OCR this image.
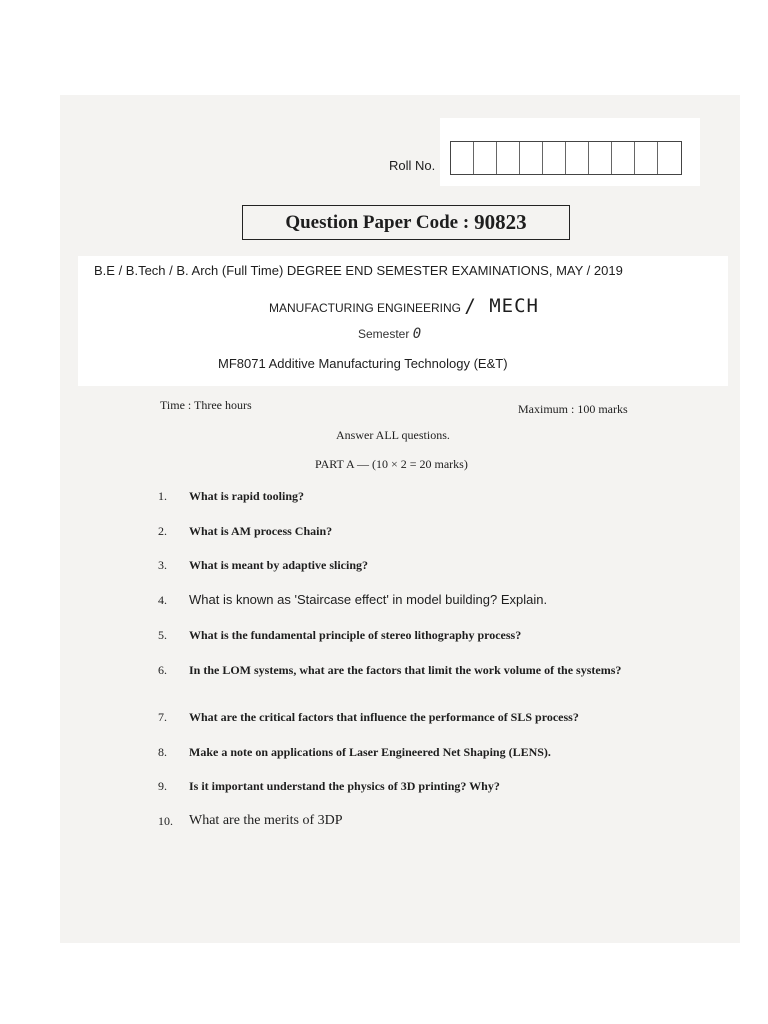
Roll No.
Question Paper Code : 90823
B.E / B.Tech / B. Arch (Full Time) DEGREE END SEMESTER EXAMINATIONS, MAY / 2019
MANUFACTURING ENGINEERING / MECH
Semester 0
MF8071 Additive Manufacturing Technology (E&T)
Time : Three hours	Maximum : 100 marks
Answer ALL questions.
PART A — (10 × 2 = 20 marks)
1.	What is rapid tooling?
2.	What is AM process Chain?
3.	What is meant by adaptive slicing?
4.	What is known as 'Staircase effect' in model building? Explain.
5.	What is the fundamental principle of stereo lithography process?
6.	In the LOM systems, what are the factors that limit the work volume of the systems?
7.	What are the critical factors that influence the performance of SLS process?
8.	Make a note on applications of Laser Engineered Net Shaping (LENS).
9.	Is it important understand the physics of 3D printing? Why?
10.	What are the merits of 3DP
